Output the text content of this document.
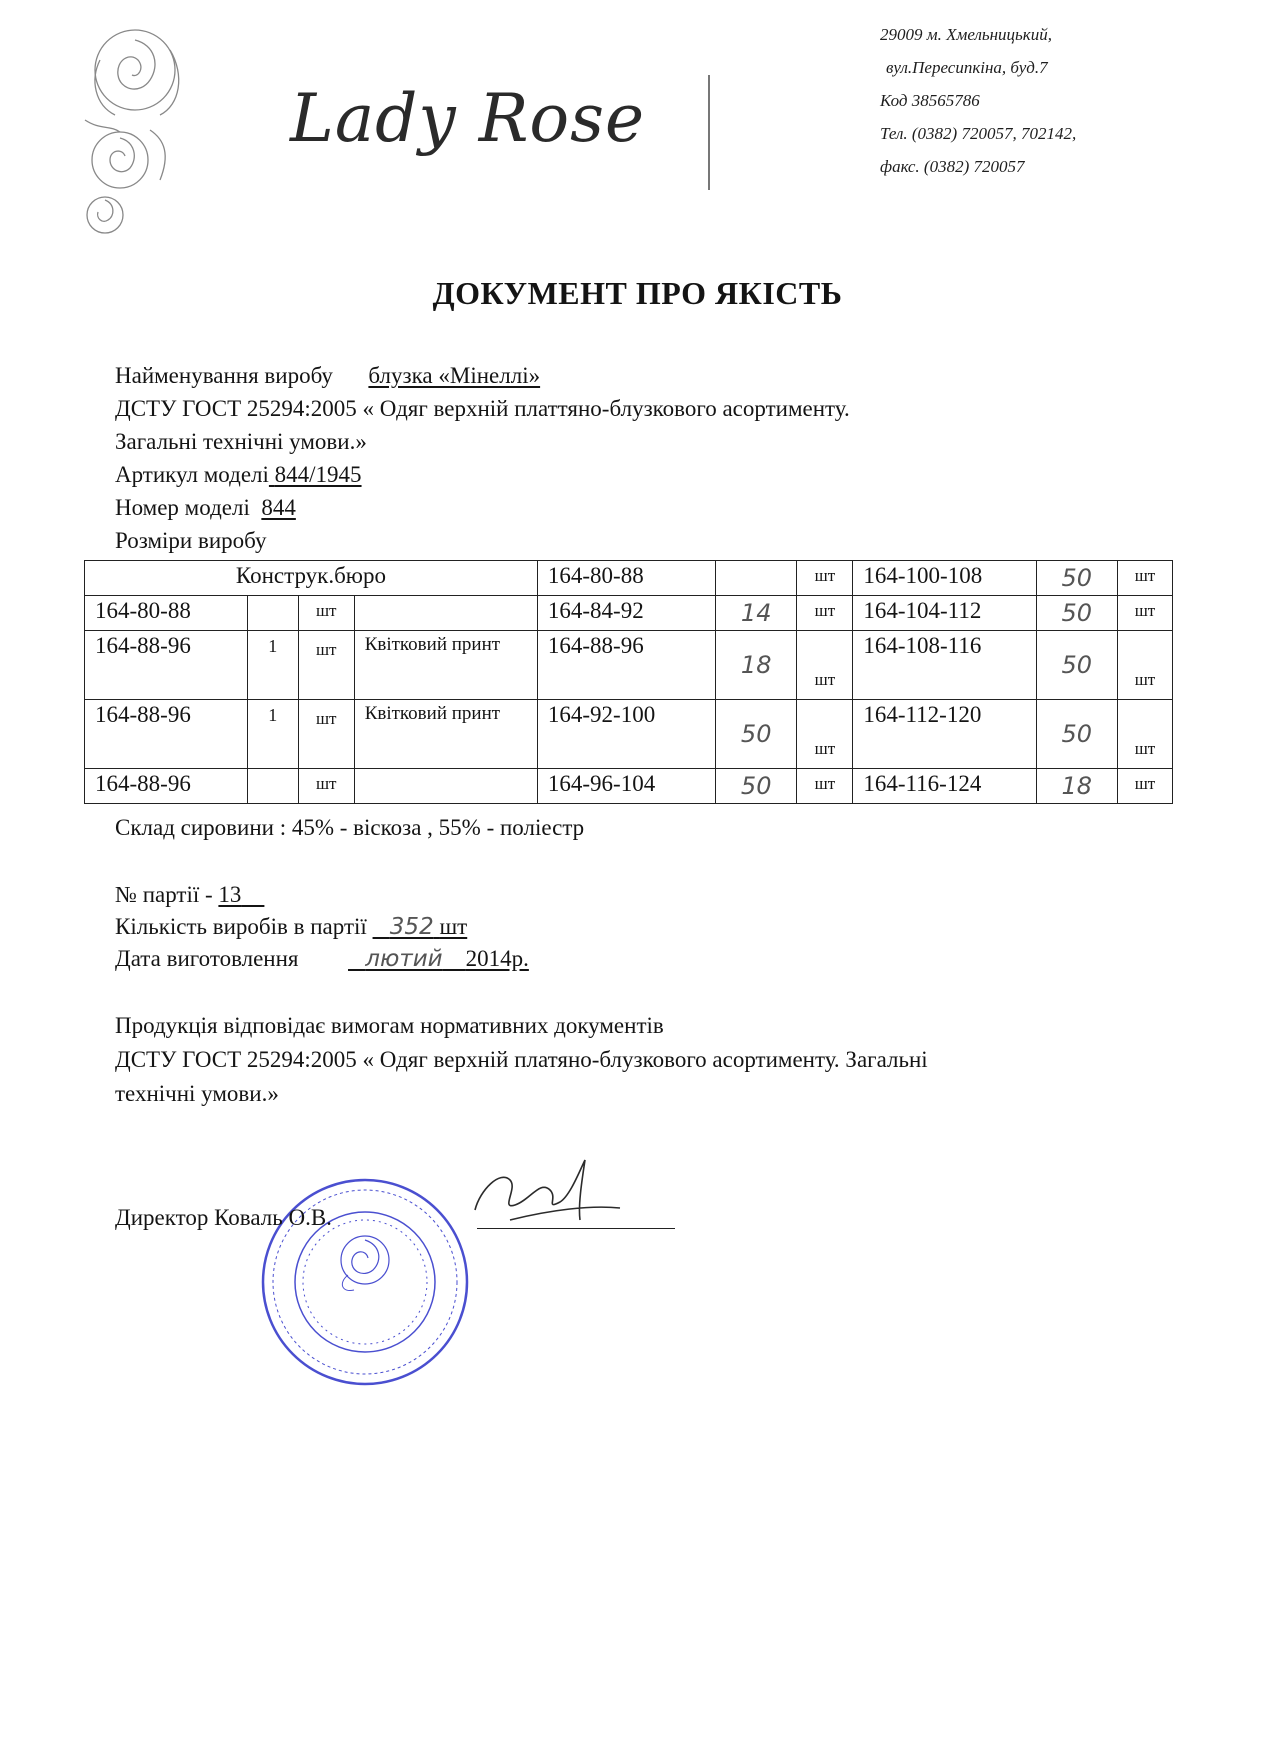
Lady Rose
29009 м. Хмельницький,
вул.Пересипкіна, буд.7
Код 38565786
Тел. (0382) 720057, 702142,
факс. (0382) 720057
ДОКУМЕНТ ПРО ЯКІСТЬ
Найменування виробу блузка «Мінеллі»
ДСТУ ГОСТ 25294:2005 « Одяг верхній платтяно-блузкового асортименту.
Загальні технічні умови.»
Артикул моделі 844/1945
Номер моделі 844
Розміри виробу
Конструк.бюро				164-80-88		шт	164-100-108	50	шт
164-80-88		шт		164-84-92	14	шт	164-104-112	50	шт
164-88-96	1	шт	Квітковий принт	164-88-96	18	шт	164-108-116	50	шт
164-88-96	1	шт	Квітковий принт	164-92-100	50	шт	164-112-120	50	шт
164-88-96		шт		164-96-104	50	шт	164-116-124	18	шт
Склад сировини : 45% - віскоза , 55% - поліестр
№ партії - 13
Кількість виробів в партії 352 шт
Дата виготовлення	лютий 2014р.
Продукція відповідає вимогам нормативних документів
ДСТУ ГОСТ 25294:2005 « Одяг верхній платяно-блузкового асортименту. Загальні
технічні умови.»
Директор Коваль О.В.
